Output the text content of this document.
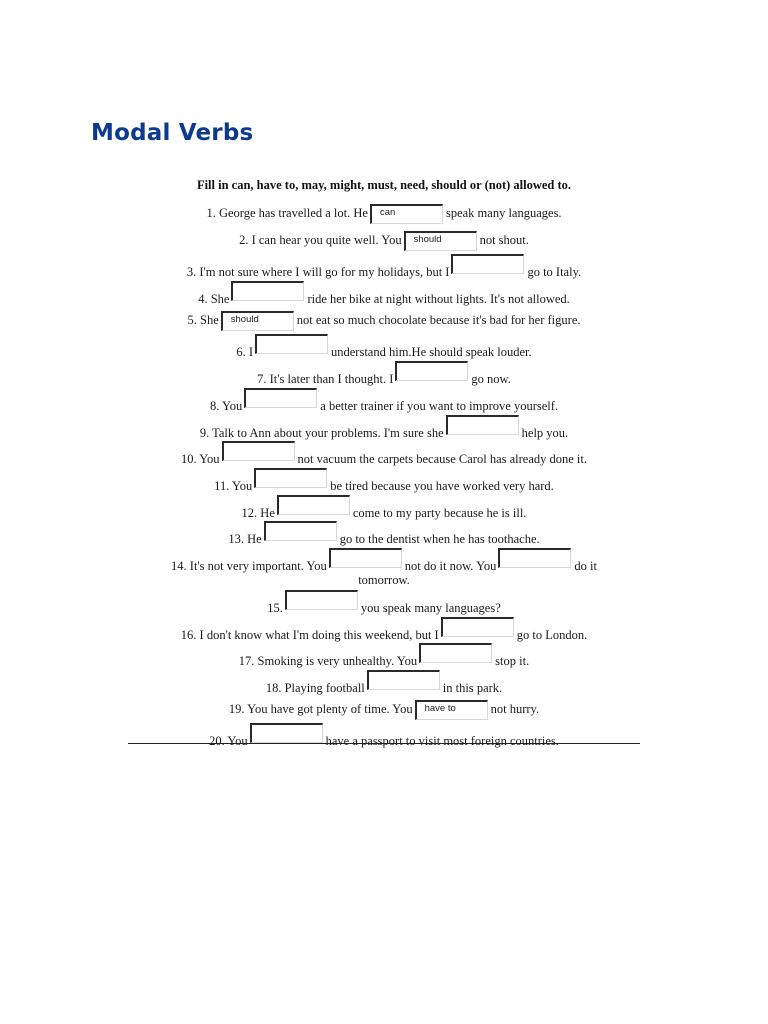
Modal Verbs
Fill in can, have to, may, might, must, need, should or (not) allowed to.
1. George has travelled a lot. He can	speak many languages.
2. I can hear you quite well. You should	not shout.
3. I'm not sure where I will go for my holidays, but I	go to Italy.
4. She	ride her bike at night without lights. It's not allowed.
5. She should	not eat so much chocolate because it's bad for her figure.
6. I	understand him.He should speak louder.
7. It's later than I thought. I	go now.
8. You	a better trainer if you want to improve yourself.
9. Talk to Ann about your problems. I'm sure she	help you.
10. You	not vacuum the carpets because Carol has already done it.
11. You	be tired because you have worked very hard.
12. He	come to my party because he is ill.
13. He	go to the dentist when he has toothache.
14. It's not very important. You	not do it now. You	do it tomorrow.
15.	you speak many languages?
16. I don't know what I'm doing this weekend, but I	go to London.
17. Smoking is very unhealthy. You	stop it.
18. Playing football	in this park.
19. You have got plenty of time. You have to	not hurry.
20. You	have a passport to visit most foreign countries.
